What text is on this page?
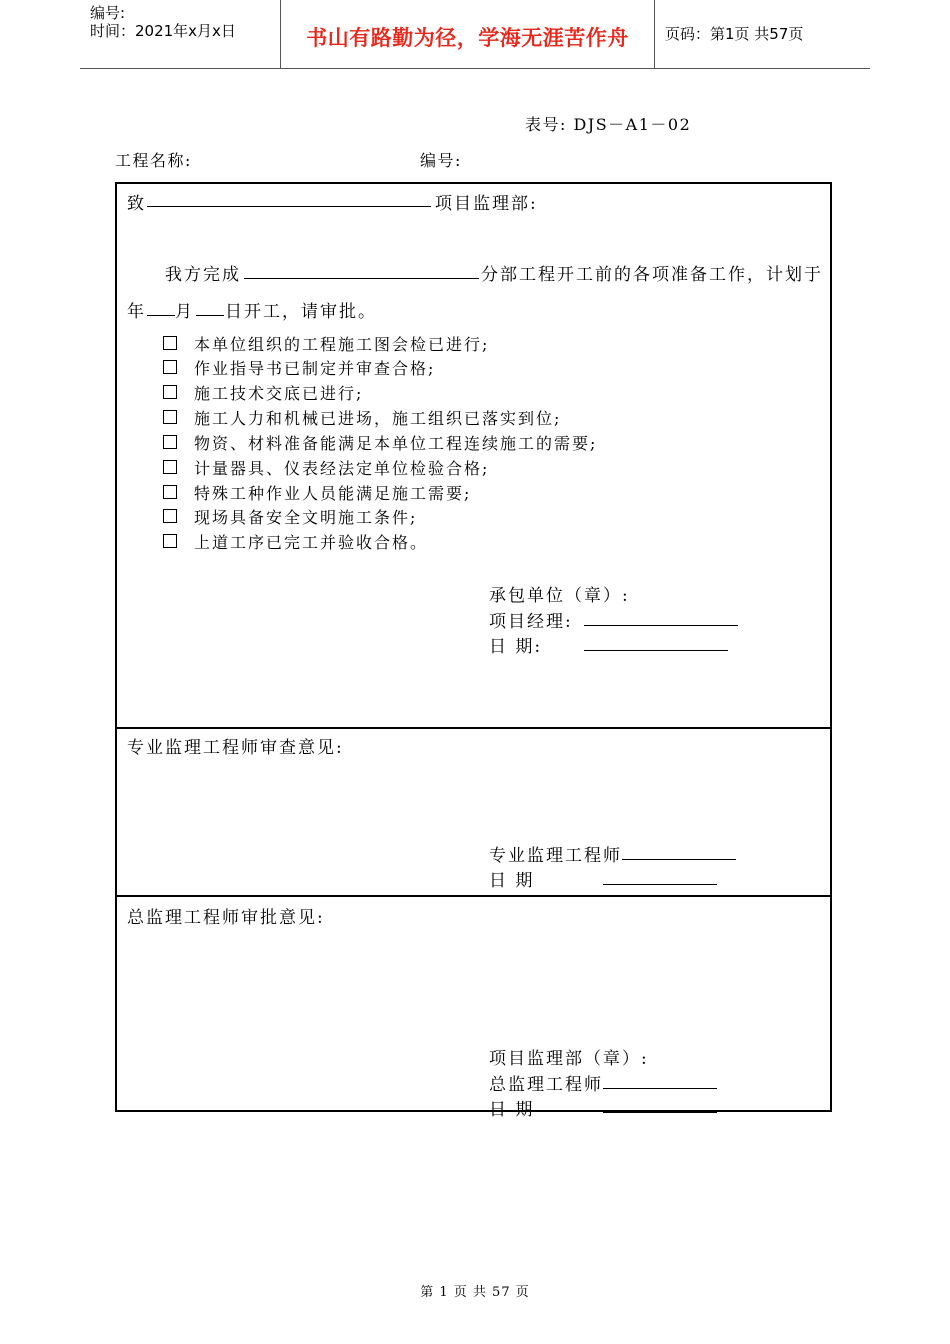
编号:
时间：2021年x月x日	书山有路勤为径，学海无涯苦作舟	页码：第1页 共57页
表号: DJS－A1－02
工程名称:	编号:
致	项目监理部:
我方完成	分部工程开工前的各项准备工作，计划于
年 月 日开工，请审批。
本单位组织的工程施工图会检已进行;
作业指导书已制定并审查合格;
施工技术交底已进行;
施工人力和机械已进场，施工组织已落实到位;
物资、材料准备能满足本单位工程连续施工的需要;
计量器具、仪表经法定单位检验合格;
特殊工种作业人员能满足施工需要;
现场具备安全文明施工条件;
上道工序已完工并验收合格。
承包单位（章）:
项目经理:
日 期:
专业监理工程师审查意见:
专业监理工程师
日 期
总监理工程师审批意见:
项目监理部（章）:
总监理工程师
日 期
第 1 页 共 57 页
